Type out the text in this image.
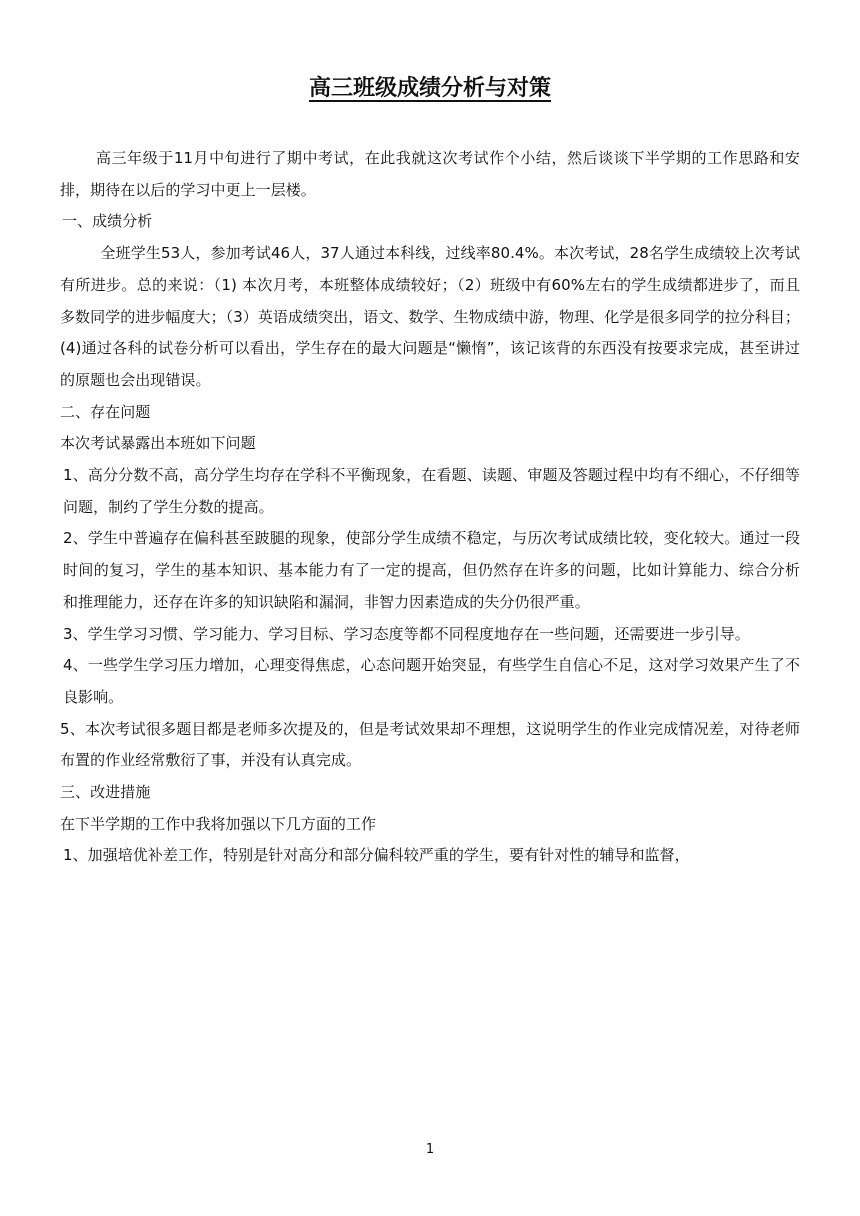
高三班级成绩分析与对策

高三年级于11月中旬进行了期中考试，在此我就这次考试作个小结，然后谈谈下半学期的工作思路和安排，期待在以后的学习中更上一层楼。

一、成绩分析

全班学生53人，参加考试46人，37人通过本科线，过线率80.4%。本次考试，28名学生成绩较上次考试有所进步。总的来说：（1) 本次月考，本班整体成绩较好；（2）班级中有60%左右的学生成绩都进步了，而且多数同学的进步幅度大；（3）英语成绩突出，语文、数学、生物成绩中游，物理、化学是很多同学的拉分科目；(4)通过各科的试卷分析可以看出，学生存在的最大问题是“懒惰”，该记该背的东西没有按要求完成，甚至讲过的原题也会出现错误。

二、存在问题

本次考试暴露出本班如下问题

1、高分分数不高，高分学生均存在学科不平衡现象，在看题、读题、审题及答题过程中均有不细心，不仔细等问题，制约了学生分数的提高。

2、学生中普遍存在偏科甚至跛腿的现象，使部分学生成绩不稳定，与历次考试成绩比较，变化较大。通过一段时间的复习，学生的基本知识、基本能力有了一定的提高，但仍然存在许多的问题，比如计算能力、综合分析和推理能力，还存在许多的知识缺陷和漏洞，非智力因素造成的失分仍很严重。

3、学生学习习惯、学习能力、学习目标、学习态度等都不同程度地存在一些问题，还需要进一步引导。

4、一些学生学习压力增加，心理变得焦虑，心态问题开始突显，有些学生自信心不足，这对学习效果产生了不良影响。

5、本次考试很多题目都是老师多次提及的，但是考试效果却不理想，这说明学生的作业完成情况差，对待老师布置的作业经常敷衍了事，并没有认真完成。

三、改进措施

在下半学期的工作中我将加强以下几方面的工作

1、加强培优补差工作，特别是针对高分和部分偏科较严重的学生，要有针对性的辅导和监督，

1
